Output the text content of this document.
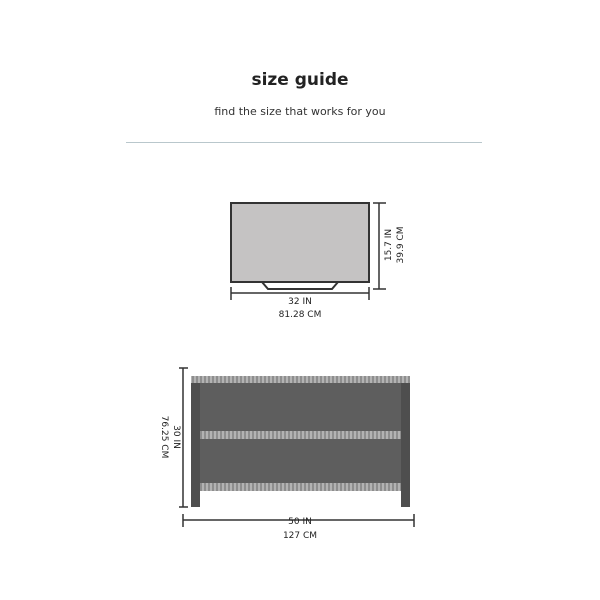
size guide
find the size that works for you
15.7 IN 39.9 CM
32 IN
81.28 CM
30 IN
76.25 CM
50 IN
127 CM
